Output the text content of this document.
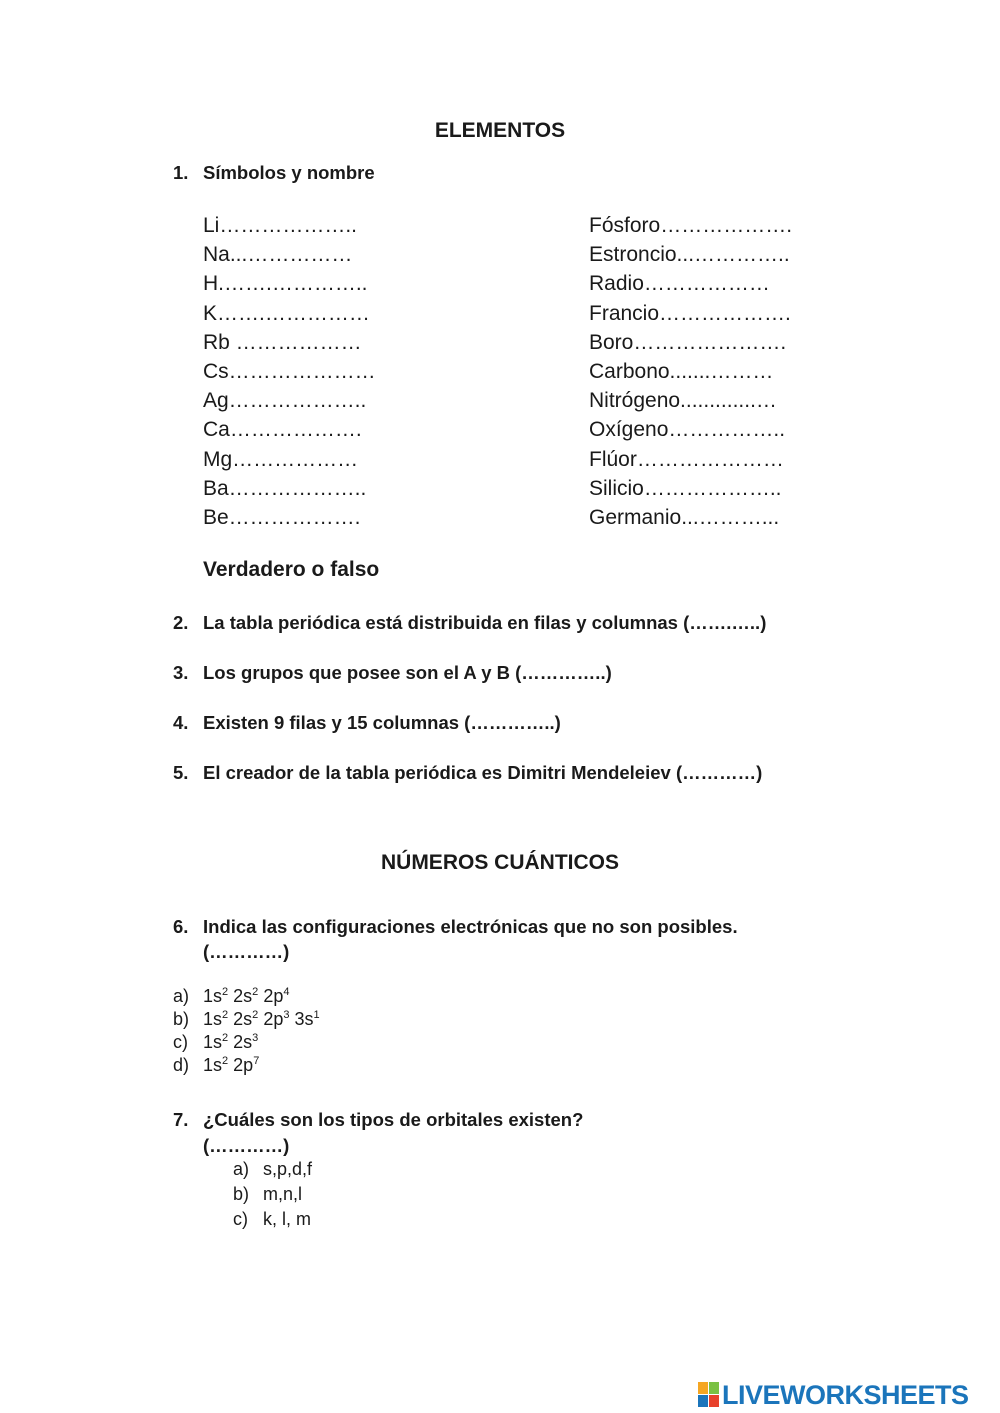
ELEMENTOS
1. Símbolos y nombre
Li………………..
Na...……………
H.…….…………..
K…….……………
Rb ………………
Cs…………………
Ag………………..
Ca……………….
Mg………………
Ba………………..
Be……………….
Fósforo……………….
Estroncio...…………..
Radio………………
Francio……………….
Boro………………….
Carbono.......………
Nitrógeno.............…
Oxígeno……………..
Flúor…………………
Silicio………………..
Germanio...………...
Verdadero o falso
2. La tabla periódica está distribuida en filas y columnas (…….…..)
3. Los grupos que posee son el A y B (…………..)
4. Existen 9 filas y 15 columnas (…………..)
5. El creador de la tabla periódica es Dimitri Mendeleiev (…………)
NÚMEROS CUÁNTICOS
6. Indica las configuraciones electrónicas que no son posibles.
(…………)
a) $1s^2$ $2s^2$ $2p^4$
b) $1s^2$ $2s^2$ $2p^3$ $3s^1$
c) $1s^2$ $2s^3$
d) $1s^2$ $2p^7$
7. ¿Cuáles son los tipos de orbitales existen?
(…………)
a) s,p,d,f
b) m,n,l
c) k, l, m
LIVEWORKSHEETS
